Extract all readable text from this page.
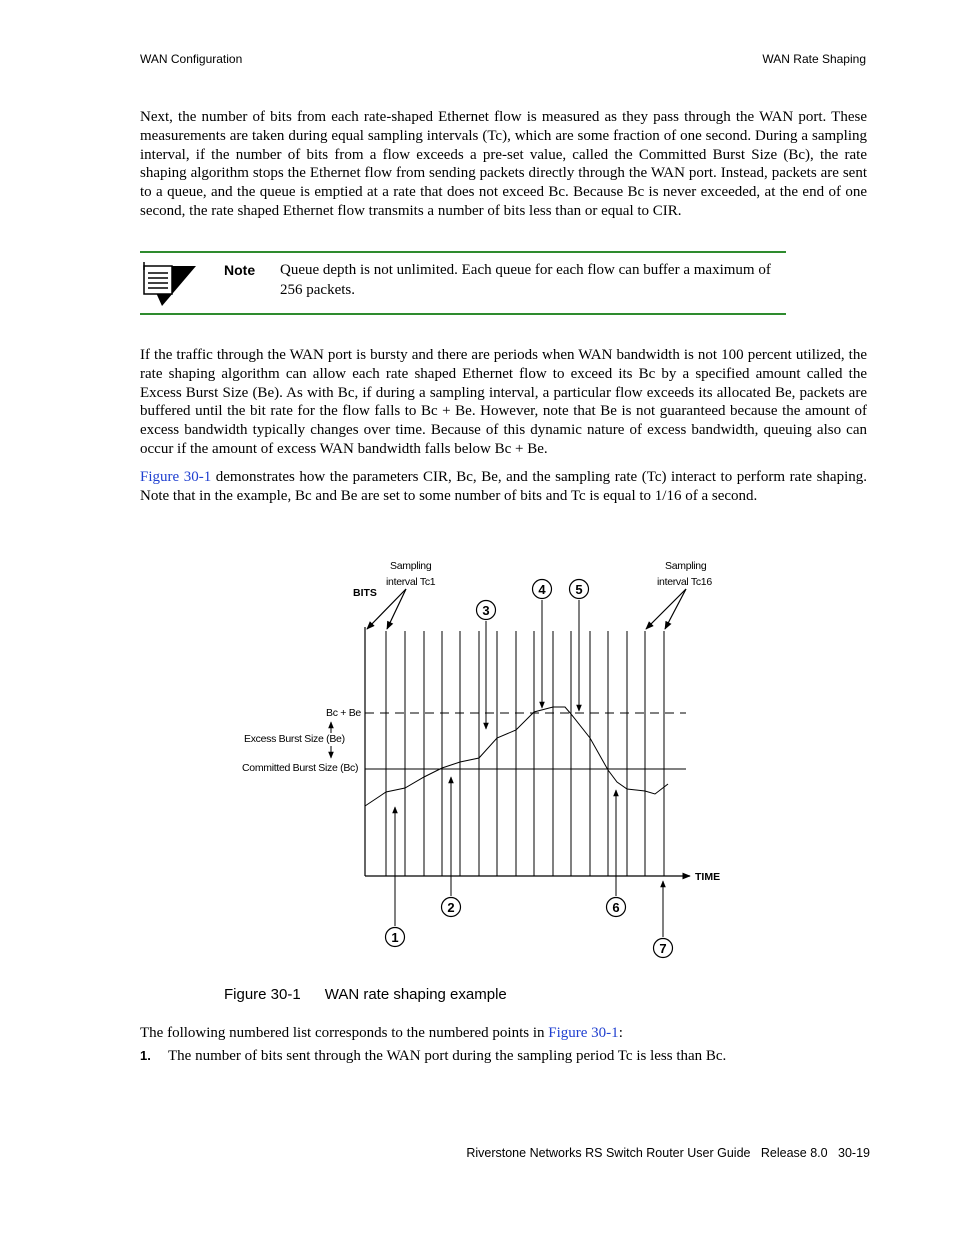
WAN Configuration	WAN Rate Shaping

Next, the number of bits from each rate-shaped Ethernet flow is measured as they pass through the WAN port. These measurements are taken during equal sampling intervals (Tc), which are some fraction of one second. During a sampling interval, if the number of bits from a flow exceeds a pre-set value, called the Committed Burst Size (Bc), the rate shaping algorithm stops the Ethernet flow from sending packets directly through the WAN port. Instead, packets are sent to a queue, and the queue is emptied at a rate that does not exceed Bc. Because Bc is never exceeded, at the end of one second, the rate shaped Ethernet flow transmits a number of bits less than or equal to CIR.

Note Queue depth is not unlimited. Each queue for each flow can buffer a maximum of 256 packets.

If the traffic through the WAN port is bursty and there are periods when WAN bandwidth is not 100 percent utilized, the rate shaping algorithm can allow each rate shaped Ethernet flow to exceed its Bc by a specified amount called the Excess Burst Size (Be). As with Bc, if during a sampling interval, a particular flow exceeds its allocated Be, packets are buffered until the bit rate for the flow falls to Bc + Be. However, note that Be is not guaranteed because the amount of excess bandwidth typically changes over time. Because of this dynamic nature of excess bandwidth, queuing also can occur if the amount of excess WAN bandwidth falls below Bc + Be.

Figure 30-1 demonstrates how the parameters CIR, Bc, Be, and the sampling rate (Tc) interact to perform rate shaping. Note that in the example, Bc and Be are set to some number of bits and Tc is equal to 1/16 of a second.

BITS
TIME
Bc + Be
Excess Burst Size (Be)
Committed Burst Size (Bc)
Sampling
interval Tc1
Sampling
interval Tc16
3
4 5
1
2	6
7
Figure 30-1 WAN rate shaping example
The following numbered list corresponds to the numbered points in Figure 30-1:
1. The number of bits sent through the WAN port during the sampling period Tc is less than Bc.
Riverstone Networks RS Switch Router User Guide   Release 8.0   30-19
